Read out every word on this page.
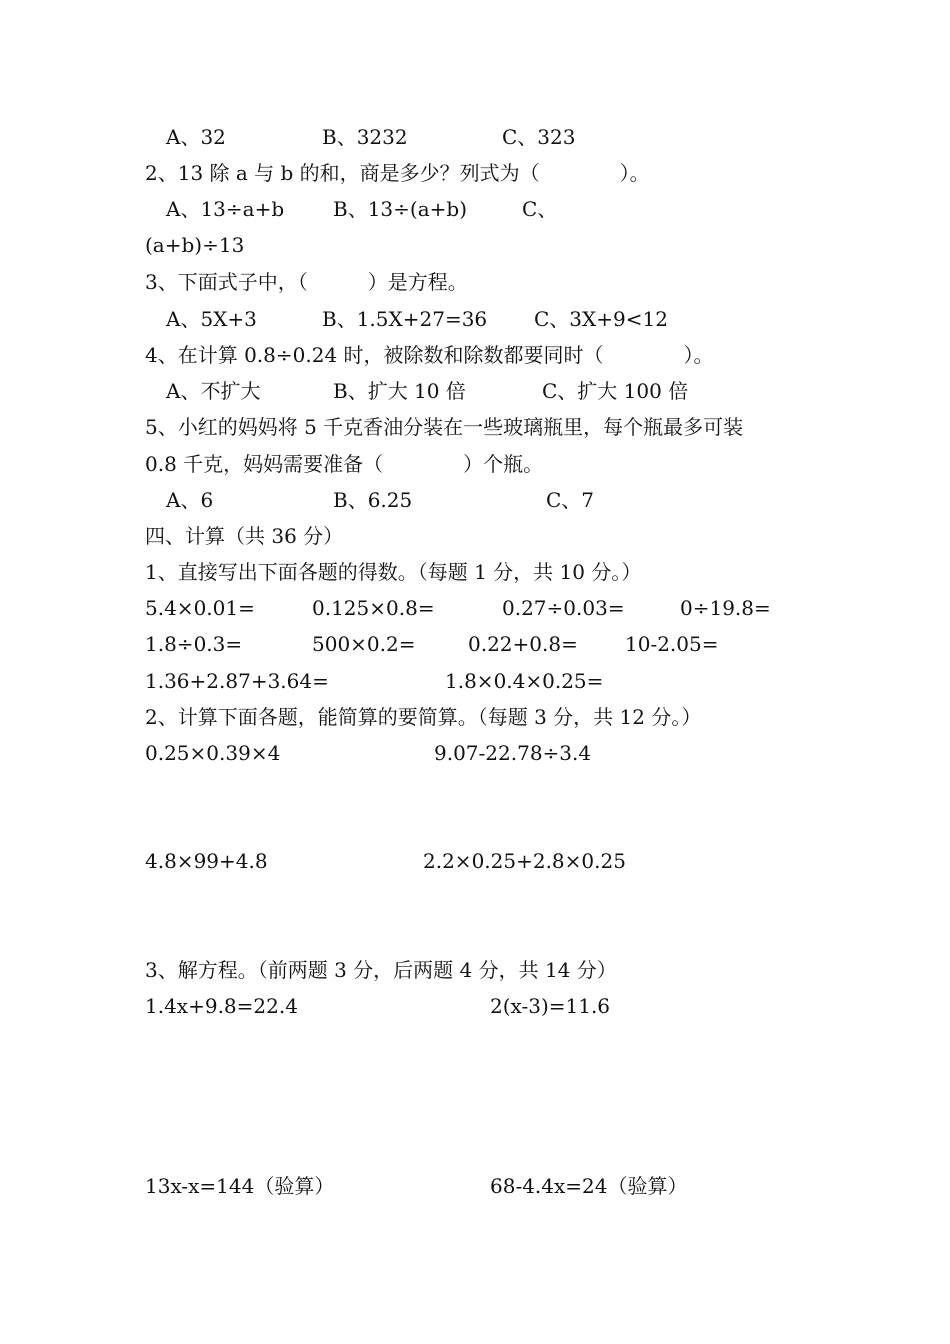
A、32	B、3232	C、323
2、13 除 a 与 b 的和，商是多少？列式为（　　　　）。
A、13÷a+b B、13÷(a+b)	C、
(a+b)÷13
3、下面式子中，（　　　）是方程。
A、5X+3	B、1.5X+27=36 C、3X+9<12
4、在计算 0.8÷0.24 时，被除数和除数都要同时（　　　　）。
A、不扩大	B、扩大 10 倍	C、扩大 100 倍
5、小红的妈妈将 5 千克香油分装在一些玻璃瓶里，每个瓶最多可装
0.8 千克，妈妈需要准备（　　　　）个瓶。
A、6	B、6.25	C、7
四、计算（共 36 分）
1、直接写出下面各题的得数。（每题 1 分，共 10 分。）
5.4×0.01=	0.125×0.8=	0.27÷0.03=	0÷19.8=
1.8÷0.3=	500×0.2=	0.22+0.8= 10-2.05=
1.36+2.87+3.64=	1.8×0.4×0.25=
2、计算下面各题，能简算的要简算。（每题 3 分，共 12 分。）
0.25×0.39×4	9.07-22.78÷3.4
4.8×99+4.8	2.2×0.25+2.8×0.25
3、解方程。（前两题 3 分，后两题 4 分，共 14 分）
1.4x+9.8=22.4	2(x-3)=11.6
13x-x=144（验算）	68-4.4x=24（验算）
